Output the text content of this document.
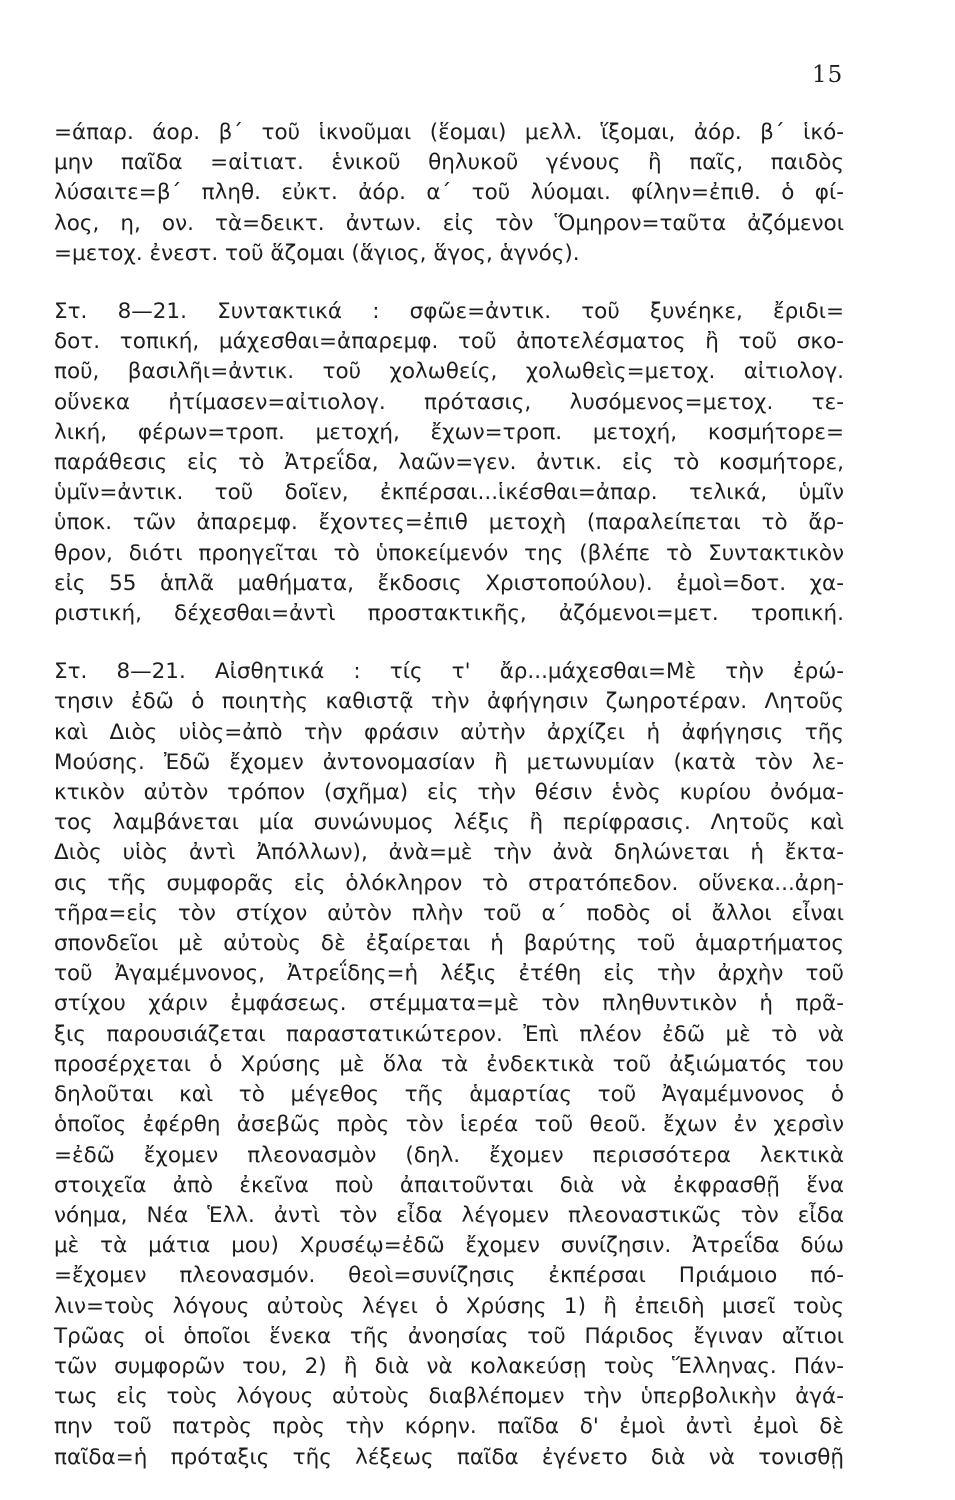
15
=άπαρ. άορ. β΄ τοῦ ἱκνοῦμαι (ἕομαι) μελλ. ἵξομαι, ἀόρ. β΄ ἱκό-
μην παῖδα =αἰτιατ. ἑνικοῦ θηλυκοῦ γένους ἢ παῖς, παιδὸς
λύσαιτε=β΄ πληθ. εὐκτ. ἀόρ. α΄ τοῦ λύομαι. φίλην=ἐπιθ. ὁ φί-
λος, η, ον. τὰ=δεικτ. ἀντων. εἰς τὸν Ὅμηρον=ταῦτα ἀζόμενοι
=μετοχ. ἐνεστ. τοῦ ἅζομαι (ἅγιος, ἅγος, ἁγνός).
Στ. 8—21. Συντακτικά : σφῶε=ἀντικ. τοῦ ξυνέηκε, ἔριδι=
δοτ. τοπική, μάχεσθαι=ἀπαρεμφ. τοῦ ἀποτελέσματος ἢ τοῦ σκο-
ποῦ, βασιλῆι=ἀντικ. τοῦ χολωθείς, χολωθεὶς=μετοχ. αἰτιολογ.
οὕνεκα ἠτίμασεν=αἰτιολογ. πρότασις, λυσόμενος=μετοχ. τε-
λική, φέρων=τροπ. μετοχή, ἔχων=τροπ. μετοχή, κοσμήτορε=
παράθεσις εἰς τὸ Ἀτρεΐδα, λαῶν=γεν. ἀντικ. εἰς τὸ κοσμήτορε,
ὑμῖν=ἀντικ. τοῦ δοῖεν, ἐκπέρσαι...ἱκέσθαι=ἀπαρ. τελικά, ὑμῖν
ὑποκ. τῶν ἀπαρεμφ. ἔχοντες=ἐπιθ μετοχὴ (παραλείπεται τὸ ἄρ-
θρον, διότι προηγεῖται τὸ ὑποκείμενόν της (βλέπε τὸ Συντακτικὸν
εἰς 55 ἁπλᾶ μαθήματα, ἔκδοσις Χριστοπούλου). ἐμοὶ=δοτ. χα-
ριστική, δέχεσθαι=ἀντὶ προστακτικῆς, ἀζόμενοι=μετ. τροπική.
Στ. 8—21. Αἰσθητικά : τίς τ' ἄρ...μάχεσθαι=Μὲ τὴν ἐρώ-
τησιν ἐδῶ ὁ ποιητὴς καθιστᾷ τὴν ἀφήγησιν ζωηροτέραν. Λητοῦς
καὶ Διὸς υἱὸς=ἀπὸ τὴν φράσιν αὐτὴν ἀρχίζει ἡ ἀφήγησις τῆς
Μούσης. Ἐδῶ ἔχομεν ἀντονομασίαν ἢ μετωνυμίαν (κατὰ τὸν λε-
κτικὸν αὐτὸν τρόπον (σχῆμα) εἰς τὴν θέσιν ἑνὸς κυρίου ὀνόμα-
τος λαμβάνεται μία συνώνυμος λέξις ἢ περίφρασις. Λητοῦς καὶ
Διὸς υἱὸς ἀντὶ Ἀπόλλων), ἀνὰ=μὲ τὴν ἀνὰ δηλώνεται ἡ ἔκτα-
σις τῆς συμφορᾶς εἰς ὁλόκληρον τὸ στρατόπεδον. οὕνεκα...ἀρη-
τῆρα=εἰς τὸν στίχον αὐτὸν πλὴν τοῦ α΄ ποδὸς οἱ ἄλλοι εἶναι
σπονδεῖοι μὲ αὐτοὺς δὲ ἐξαίρεται ἡ βαρύτης τοῦ ἁμαρτήματος
τοῦ Ἀγαμέμνονος, Ἀτρεΐδης=ἡ λέξις ἐτέθη εἰς τὴν ἀρχὴν τοῦ
στίχου χάριν ἐμφάσεως. στέμματα=μὲ τὸν πληθυντικὸν ἡ πρᾶ-
ξις παρουσιάζεται παραστατικώτερον. Ἐπὶ πλέον ἐδῶ μὲ τὸ νὰ
προσέρχεται ὁ Χρύσης μὲ ὅλα τὰ ἐνδεκτικὰ τοῦ ἀξιώματός του
δηλοῦται καὶ τὸ μέγεθος τῆς ἁμαρτίας τοῦ Ἀγαμέμνονος ὁ
ὁποῖος ἐφέρθη ἀσεβῶς πρὸς τὸν ἱερέα τοῦ θεοῦ. ἔχων ἐν χερσὶν
=ἐδῶ ἔχομεν πλεονασμὸν (δηλ. ἔχομεν περισσότερα λεκτικὰ
στοιχεῖα ἀπὸ ἐκεῖνα ποὺ ἀπαιτοῦνται διὰ νὰ ἐκφρασθῇ ἕνα
νόημα, Νέα Ἑλλ. ἀντὶ τὸν εἶδα λέγομεν πλεοναστικῶς τὸν εἶδα
μὲ τὰ μάτια μου) Χρυσέῳ=ἐδῶ ἔχομεν συνίζησιν. Ἀτρεΐδα δύω
=ἔχομεν πλεονασμόν. θεοὶ=συνίζησις ἐκπέρσαι Πριάμοιο πό-
λιν=τοὺς λόγους αὐτοὺς λέγει ὁ Χρύσης 1) ἢ ἐπειδὴ μισεῖ τοὺς
Τρῶας οἱ ὁποῖοι ἕνεκα τῆς ἀνοησίας τοῦ Πάριδος ἔγιναν αἴτιοι
τῶν συμφορῶν του, 2) ἢ διὰ νὰ κολακεύσῃ τοὺς Ἕλληνας. Πάν-
τως εἰς τοὺς λόγους αὐτοὺς διαβλέπομεν τὴν ὑπερβολικὴν ἀγά-
πην τοῦ πατρὸς πρὸς τὴν κόρην. παῖδα δ' ἐμοὶ ἀντὶ ἐμοὶ δὲ
παῖδα=ἡ πρόταξις τῆς λέξεως παῖδα ἐγένετο διὰ νὰ τονισθῇ
